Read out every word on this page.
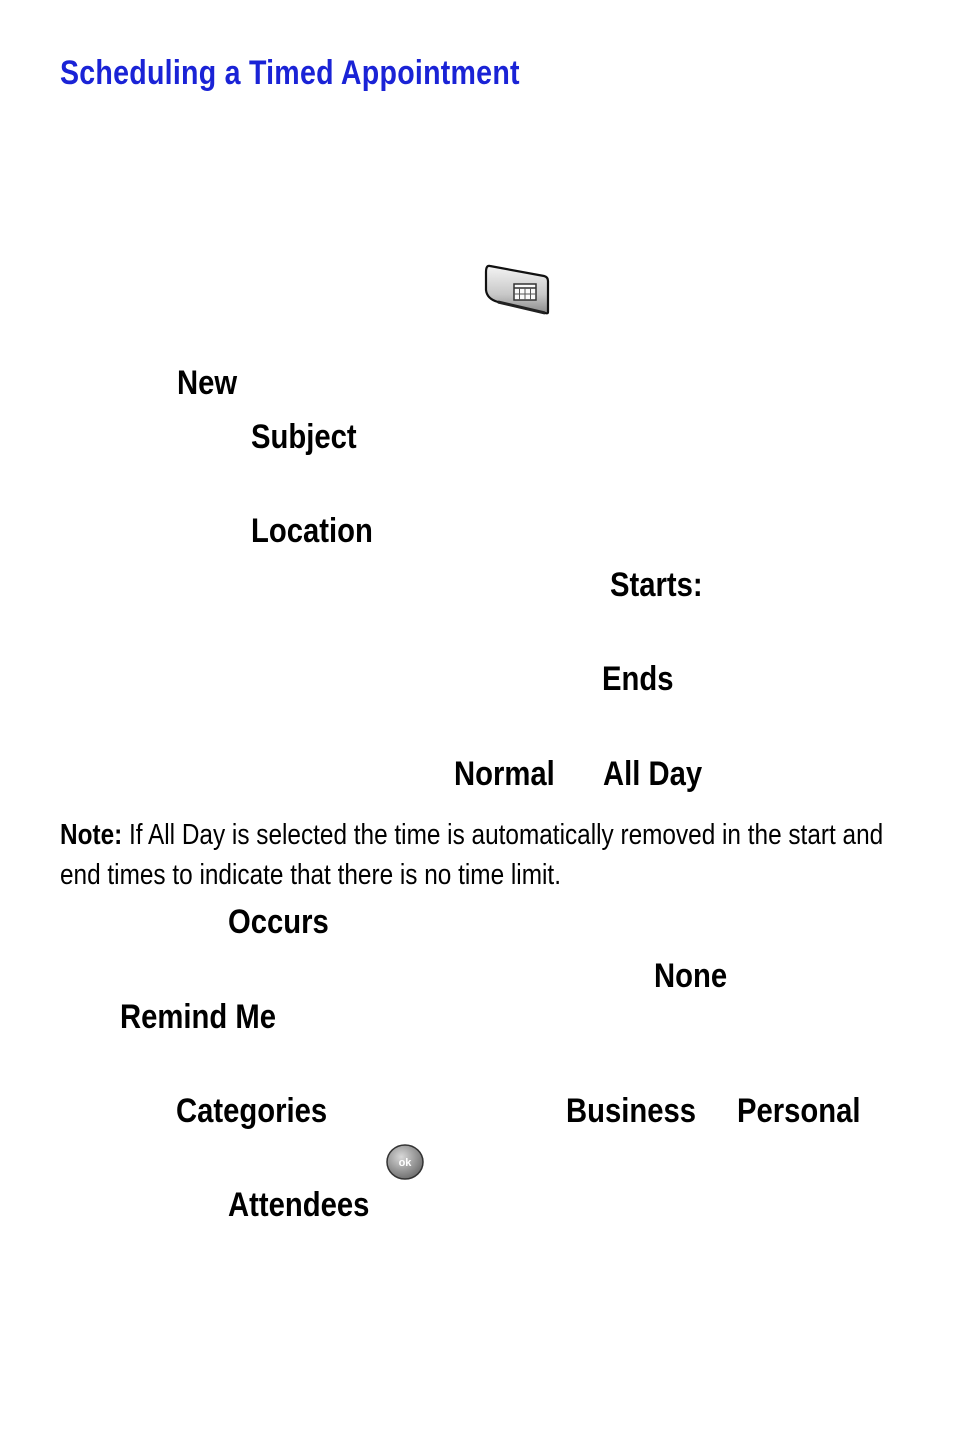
Scheduling a Timed Appointment
New
Subject
Location
Starts:
Ends
Normal All Day
Note: If All Day is selected the time is automatically removed in the start and end times to indicate that there is no time limit.
Occurs
None
Remind Me
Categories	Business Personal
ok
Attendees
